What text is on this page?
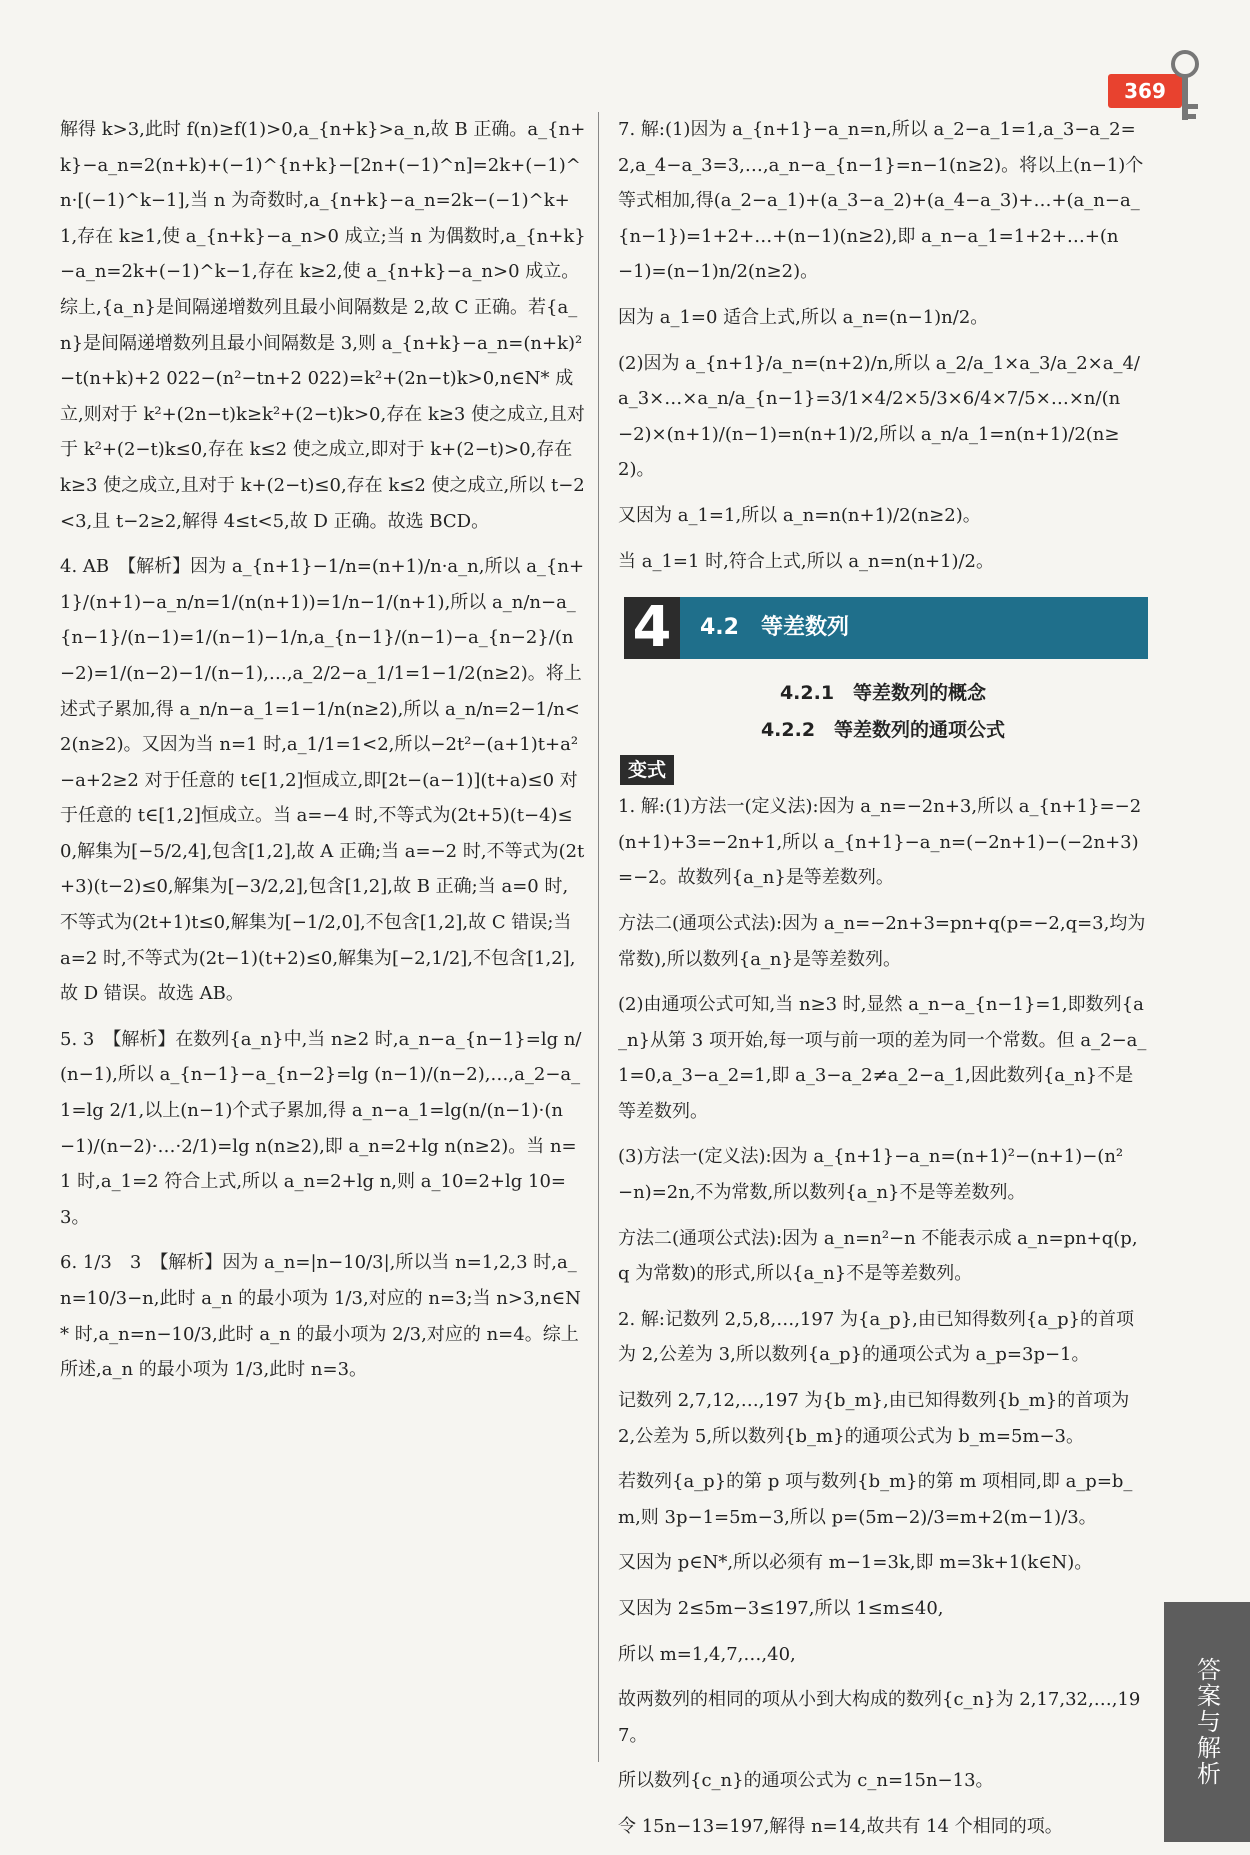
369

解得 k>3,此时 f(n)≥f(1)>0,a_{n+k}>a_n,故 B 正确。a_{n+k}−a_n=2(n+k)+(−1)^{n+k}−[2n+(−1)^n]=2k+(−1)^n·[(−1)^k−1],当 n 为奇数时,a_{n+k}−a_n=2k−(−1)^k+1,存在 k≥1,使 a_{n+k}−a_n>0 成立;当 n 为偶数时,a_{n+k}−a_n=2k+(−1)^k−1,存在 k≥2,使 a_{n+k}−a_n>0 成立。综上,{a_n}是间隔递增数列且最小间隔数是 2,故 C 正确。若{a_n}是间隔递增数列且最小间隔数是 3,则 a_{n+k}−a_n=(n+k)²−t(n+k)+2 022−(n²−tn+2 022)=k²+(2n−t)k>0,n∈N* 成立,则对于 k²+(2n−t)k≥k²+(2−t)k>0,存在 k≥3 使之成立,且对于 k²+(2−t)k≤0,存在 k≤2 使之成立,即对于 k+(2−t)>0,存在 k≥3 使之成立,且对于 k+(2−t)≤0,存在 k≤2 使之成立,所以 t−2<3,且 t−2≥2,解得 4≤t<5,故 D 正确。故选 BCD。

4. AB　【解析】因为 a_{n+1}−1/n=(n+1)/n·a_n,所以 a_{n+1}/(n+1)−a_n/n=1/(n(n+1))=1/n−1/(n+1),所以 a_n/n−a_{n−1}/(n−1)=1/(n−1)−1/n,a_{n−1}/(n−1)−a_{n−2}/(n−2)=1/(n−2)−1/(n−1),…,a_2/2−a_1/1=1−1/2(n≥2)。将上述式子累加,得 a_n/n−a_1=1−1/n(n≥2),所以 a_n/n=2−1/n<2(n≥2)。又因为当 n=1 时,a_1/1=1<2,所以−2t²−(a+1)t+a²−a+2≥2 对于任意的 t∈[1,2]恒成立,即[2t−(a−1)](t+a)≤0 对于任意的 t∈[1,2]恒成立。当 a=−4 时,不等式为(2t+5)(t−4)≤0,解集为[−5/2,4],包含[1,2],故 A 正确;当 a=−2 时,不等式为(2t+3)(t−2)≤0,解集为[−3/2,2],包含[1,2],故 B 正确;当 a=0 时,不等式为(2t+1)t≤0,解集为[−1/2,0],不包含[1,2],故 C 错误;当 a=2 时,不等式为(2t−1)(t+2)≤0,解集为[−2,1/2],不包含[1,2],故 D 错误。故选 AB。

5. 3　【解析】在数列{a_n}中,当 n≥2 时,a_n−a_{n−1}=lg n/(n−1),所以 a_{n−1}−a_{n−2}=lg (n−1)/(n−2),…,a_2−a_1=lg 2/1,以上(n−1)个式子累加,得 a_n−a_1=lg(n/(n−1)·(n−1)/(n−2)·…·2/1)=lg n(n≥2),即 a_n=2+lg n(n≥2)。当 n=1 时,a_1=2 符合上式,所以 a_n=2+lg n,则 a_10=2+lg 10=3。

6. 1/3　3　【解析】因为 a_n=|n−10/3|,所以当 n=1,2,3 时,a_n=10/3−n,此时 a_n 的最小项为 1/3,对应的 n=3;当 n>3,n∈N* 时,a_n=n−10/3,此时 a_n 的最小项为 2/3,对应的 n=4。综上所述,a_n 的最小项为 1/3,此时 n=3。

7. 解:(1)因为 a_{n+1}−a_n=n,所以 a_2−a_1=1,a_3−a_2=2,a_4−a_3=3,…,a_n−a_{n−1}=n−1(n≥2)。将以上(n−1)个等式相加,得(a_2−a_1)+(a_3−a_2)+(a_4−a_3)+…+(a_n−a_{n−1})=1+2+…+(n−1)(n≥2),即 a_n−a_1=1+2+…+(n−1)=(n−1)n/2(n≥2)。

因为 a_1=0 适合上式,所以 a_n=(n−1)n/2。

(2)因为 a_{n+1}/a_n=(n+2)/n,所以 a_2/a_1×a_3/a_2×a_4/a_3×…×a_n/a_{n−1}=3/1×4/2×5/3×6/4×7/5×…×n/(n−2)×(n+1)/(n−1)=n(n+1)/2,所以 a_n/a_1=n(n+1)/2(n≥2)。

又因为 a_1=1,所以 a_n=n(n+1)/2(n≥2)。

当 a_1=1 时,符合上式,所以 a_n=n(n+1)/2。

4	4.2　等差数列
4.2.1　等差数列的概念
4.2.2　等差数列的通项公式
变式

1. 解:(1)方法一(定义法):因为 a_n=−2n+3,所以 a_{n+1}=−2(n+1)+3=−2n+1,所以 a_{n+1}−a_n=(−2n+1)−(−2n+3)=−2。故数列{a_n}是等差数列。

方法二(通项公式法):因为 a_n=−2n+3=pn+q(p=−2,q=3,均为常数),所以数列{a_n}是等差数列。

(2)由通项公式可知,当 n≥3 时,显然 a_n−a_{n−1}=1,即数列{a_n}从第 3 项开始,每一项与前一项的差为同一个常数。但 a_2−a_1=0,a_3−a_2=1,即 a_3−a_2≠a_2−a_1,因此数列{a_n}不是等差数列。

(3)方法一(定义法):因为 a_{n+1}−a_n=(n+1)²−(n+1)−(n²−n)=2n,不为常数,所以数列{a_n}不是等差数列。

方法二(通项公式法):因为 a_n=n²−n 不能表示成 a_n=pn+q(p,q 为常数)的形式,所以{a_n}不是等差数列。

2. 解:记数列 2,5,8,…,197 为{a_p},由已知得数列{a_p}的首项为 2,公差为 3,所以数列{a_p}的通项公式为 a_p=3p−1。

记数列 2,7,12,…,197 为{b_m},由已知得数列{b_m}的首项为 2,公差为 5,所以数列{b_m}的通项公式为 b_m=5m−3。

若数列{a_p}的第 p 项与数列{b_m}的第 m 项相同,即 a_p=b_m,则 3p−1=5m−3,所以 p=(5m−2)/3=m+2(m−1)/3。

又因为 p∈N*,所以必须有 m−1=3k,即 m=3k+1(k∈N)。

又因为 2≤5m−3≤197,所以 1≤m≤40,

所以 m=1,4,7,…,40,

故两数列的相同的项从小到大构成的数列{c_n}为 2,17,32,…,197。

所以数列{c_n}的通项公式为 c_n=15n−13。

令 15n−13=197,解得 n=14,故共有 14 个相同的项。

答案与解析
